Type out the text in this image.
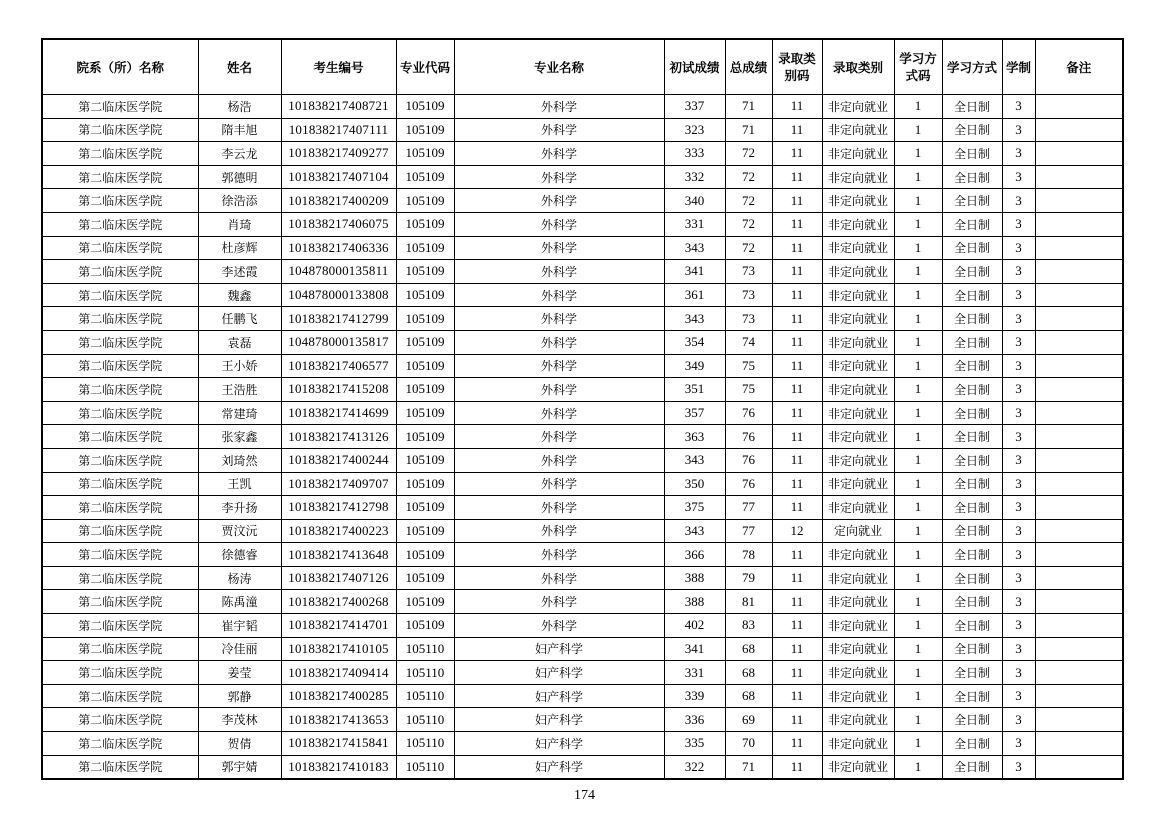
院系（所）名称	姓名	考生编号	专业代码	专业名称	初试成绩	总成绩	录取类别码	录取类别	学习方式码	学习方式	学制	备注
第二临床医学院	杨浩	101838217408721	105109	外科学	337	71	11	非定向就业	1	全日制	3	
第二临床医学院	隋丰旭	101838217407111	105109	外科学	323	71	11	非定向就业	1	全日制	3	
第二临床医学院	李云龙	101838217409277	105109	外科学	333	72	11	非定向就业	1	全日制	3	
第二临床医学院	郭德明	101838217407104	105109	外科学	332	72	11	非定向就业	1	全日制	3	
第二临床医学院	徐浩添	101838217400209	105109	外科学	340	72	11	非定向就业	1	全日制	3	
第二临床医学院	肖琦	101838217406075	105109	外科学	331	72	11	非定向就业	1	全日制	3	
第二临床医学院	杜彦辉	101838217406336	105109	外科学	343	72	11	非定向就业	1	全日制	3	
第二临床医学院	李述霞	104878000135811	105109	外科学	341	73	11	非定向就业	1	全日制	3	
第二临床医学院	魏鑫	104878000133808	105109	外科学	361	73	11	非定向就业	1	全日制	3	
第二临床医学院	任鹏飞	101838217412799	105109	外科学	343	73	11	非定向就业	1	全日制	3	
第二临床医学院	袁磊	104878000135817	105109	外科学	354	74	11	非定向就业	1	全日制	3	
第二临床医学院	王小娇	101838217406577	105109	外科学	349	75	11	非定向就业	1	全日制	3	
第二临床医学院	王浩胜	101838217415208	105109	外科学	351	75	11	非定向就业	1	全日制	3	
第二临床医学院	常建琦	101838217414699	105109	外科学	357	76	11	非定向就业	1	全日制	3	
第二临床医学院	张家鑫	101838217413126	105109	外科学	363	76	11	非定向就业	1	全日制	3	
第二临床医学院	刘琦然	101838217400244	105109	外科学	343	76	11	非定向就业	1	全日制	3	
第二临床医学院	王凯	101838217409707	105109	外科学	350	76	11	非定向就业	1	全日制	3	
第二临床医学院	李升扬	101838217412798	105109	外科学	375	77	11	非定向就业	1	全日制	3	
第二临床医学院	贾汶沅	101838217400223	105109	外科学	343	77	12	定向就业	1	全日制	3	
第二临床医学院	徐德睿	101838217413648	105109	外科学	366	78	11	非定向就业	1	全日制	3	
第二临床医学院	杨涛	101838217407126	105109	外科学	388	79	11	非定向就业	1	全日制	3	
第二临床医学院	陈禹潼	101838217400268	105109	外科学	388	81	11	非定向就业	1	全日制	3	
第二临床医学院	崔宇韬	101838217414701	105109	外科学	402	83	11	非定向就业	1	全日制	3	
第二临床医学院	冷佳丽	101838217410105	105110	妇产科学	341	68	11	非定向就业	1	全日制	3	
第二临床医学院	姜莹	101838217409414	105110	妇产科学	331	68	11	非定向就业	1	全日制	3	
第二临床医学院	郭静	101838217400285	105110	妇产科学	339	68	11	非定向就业	1	全日制	3	
第二临床医学院	李茂林	101838217413653	105110	妇产科学	336	69	11	非定向就业	1	全日制	3	
第二临床医学院	贺倩	101838217415841	105110	妇产科学	335	70	11	非定向就业	1	全日制	3	
第二临床医学院	郭宇婧	101838217410183	105110	妇产科学	322	71	11	非定向就业	1	全日制	3	
174
